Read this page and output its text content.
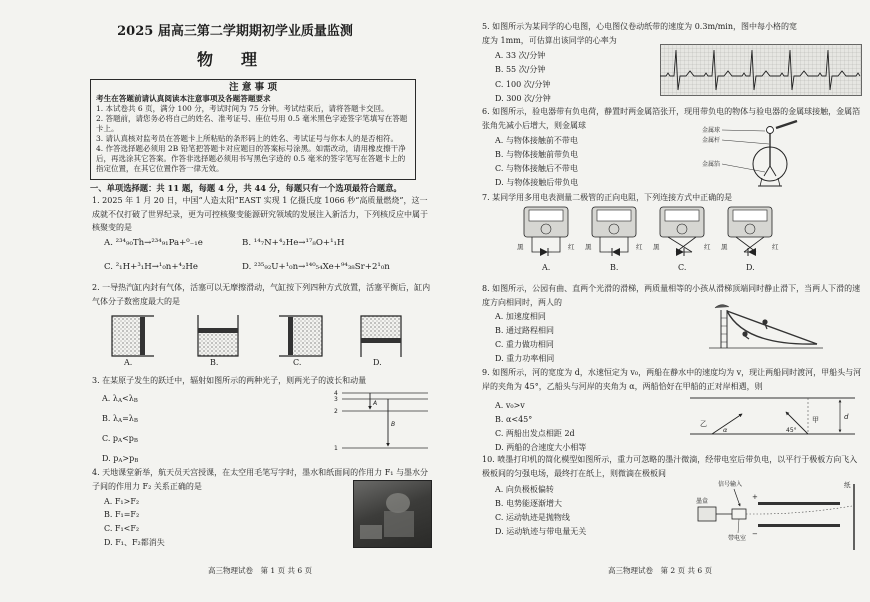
2025 届高三第二学期期初学业质量监测
物　理
注 意 事 项
考生在答题前请认真阅读本注意事项及各题答题要求
1. 本试卷共 6 页，满分 100 分，考试时间为 75 分钟。考试结束后，请将答题卡交回。
2. 答题前，请您务必将自己的姓名、准考证号、座位号用 0.5 毫米黑色字迹签字笔填写在答题卡上。
3. 请认真核对监考员在答题卡上所粘贴的条形码上的姓名、考试证号与你本人的是否相符。
4. 作答选择题必须用 2B 铅笔把答题卡对应题目的答案标号涂黑。如需改动，请用橡皮擦干净后，再选涂其它答案。作答非选择题必须用书写黑色字迹的 0.5 毫米的签字笔写在答题卡上的指定位置，在其它位置作答一律无效。
一、单项选择题：共 11 题，每题 4 分，共 44 分，每题只有一个选项最符合题意。
1. 2025 年 1 月 20 日，中国“人造太阳”EAST 实现 1 亿摄氏度 1066 秒“高质量燃烧”，这一成就不仅打破了世界纪录，更为可控核聚变能源研究领域的发展注入新活力，下列核反应中属于核聚变的是
A. ²³⁴₉₀Th→²³⁴₉₁Pa+⁰₋₁e	B. ¹⁴₇N+⁴₂He→¹⁷₈O+¹₁H
C. ²₁H+³₁H→¹₀n+⁴₂He	D. ²³⁵₉₂U+¹₀n→¹⁴⁰₅₄Xe+⁹⁴₃₈Sr+2¹₀n
2. 一导热汽缸内封有气体，活塞可以无摩擦滑动，气缸按下列四种方式放置，活塞平衡后，缸内气体分子数密度最大的是
A.	B.	C.	D.
3. 在某原子发生的跃迁中，辐射如图所示的两种光子，则两光子的波长和动量
A. $\lambda_A<\lambda_B$
B. $\lambda_A=\lambda_B$
C. $p_A<p_B$
D. $p_A>p_B$
4
3
2
1
A
B
4. 天地课堂新举，航天员天宫授课，在太空用毛笔写字时，墨水和纸面间的作用力 F₁ 与墨水分子间的作用力 F₂ 关系正确的是
A. F₁>F₂
B. F₁=F₂
C. F₁<F₂
D. F₁、F₂都消失
高三物理试卷　第 1 页 共 6 页
5. 如图所示为某同学的心电图，心电图仪卷动纸带的速度为 0.3m/min，图中每小格的宽度为 1mm，可估算出该同学的心率为
A. 33 次/分钟
B. 55 次/分钟
C. 100 次/分钟
D. 300 次/分钟
6. 如图所示，验电器带有负电荷，静置时两金属箔张开，现用带负电的物体与验电器的金属球接触，金属箔张角先减小后增大，则金属球
A. 与物体接触前不带电
B. 与物体接触前带负电
C. 与物体接触后不带电
D. 与物体接触后带负电
金属球
金属杆
金属箔
7. 某同学用多用电表测量二极管的正向电阻，下列连接方式中正确的是
黑	红 黑	红 黑	红 黑	红
A.	B.	C.	D.
8. 如图所示，公园有曲、直两个光滑的滑梯，两质量相等的小孩从滑梯顶端同时静止滑下，当两人下滑的速度方向相同时，两人的
A. 加速度相同
B. 通过路程相同
C. 重力做功相同
D. 重力功率相同
9. 如图所示，河的宽度为 d，水速恒定为 v₀，两船在静水中的速度均为 v，现让两船同时渡河，甲船头与河岸的夹角为 45°，乙船头与河岸的夹角为 α，两船恰好在甲船的正对岸相遇，则
A. v₀>v
B. α<45°
C. 两船出发点相距 2d
D. 两船的合速度大小相等
d
乙
α
甲
45°
10. 喷墨打印机的简化模型如图所示，重力可忽略的墨汁微滴，经带电室后带负电，以平行于极板方向飞入极板间的匀强电场，最终打在纸上，则微滴在极板间
A. 向负极板偏转
B. 电势能逐渐增大
C. 运动轨迹是抛物线
D. 运动轨迹与带电量无关
信号输入
墨盒
带电室
+
−
纸
高三物理试卷　第 2 页 共 6 页
